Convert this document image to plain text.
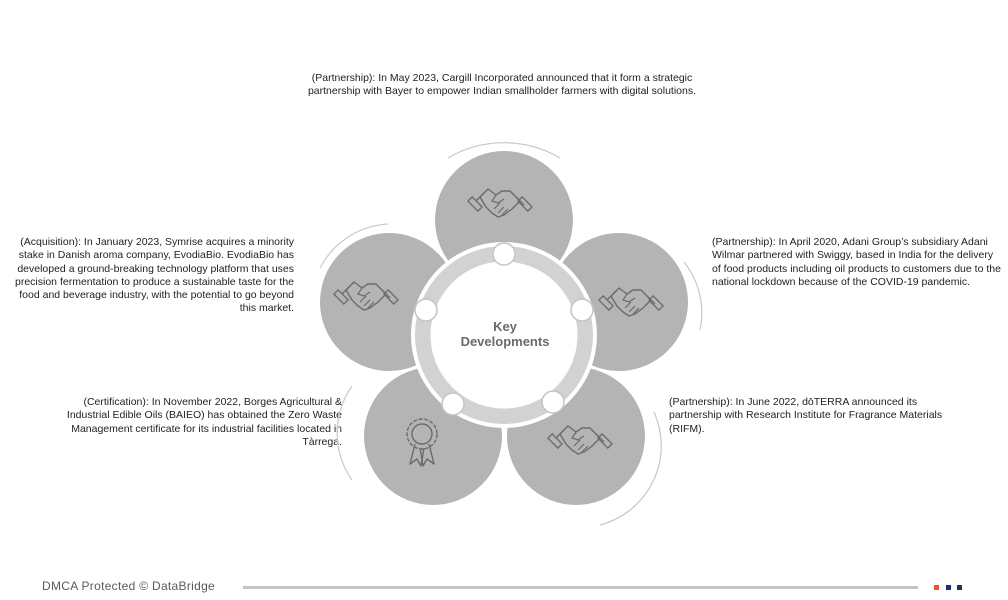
(Partnership): In May 2023, Cargill Incorporated announced that it form a strategic partnership with Bayer to empower Indian smallholder farmers with digital solutions.
(Acquisition): In January 2023, Symrise acquires a minority stake in Danish aroma company, EvodiaBio. EvodiaBio has developed a ground-breaking technology platform that uses precision fermentation to produce a sustainable taste for the food and beverage industry, with the potential to go beyond this market.
(Partnership): In April 2020, Adani Group’s subsidiary Adani Wilmar partnered with Swiggy, based in India for the delivery of food products including oil products to customers due to the national lockdown because of the COVID-19 pandemic.
(Certification): In November 2022, Borges Agricultural & Industrial Edible Oils (BAIEO) has obtained the Zero Waste Management certificate for its industrial facilities located in Tàrrega.
(Partnership): In June 2022, dōTERRA announced its partnership with Research Institute for Fragrance Materials (RIFM).
Key
Developments
DMCA Protected © DataBridge
